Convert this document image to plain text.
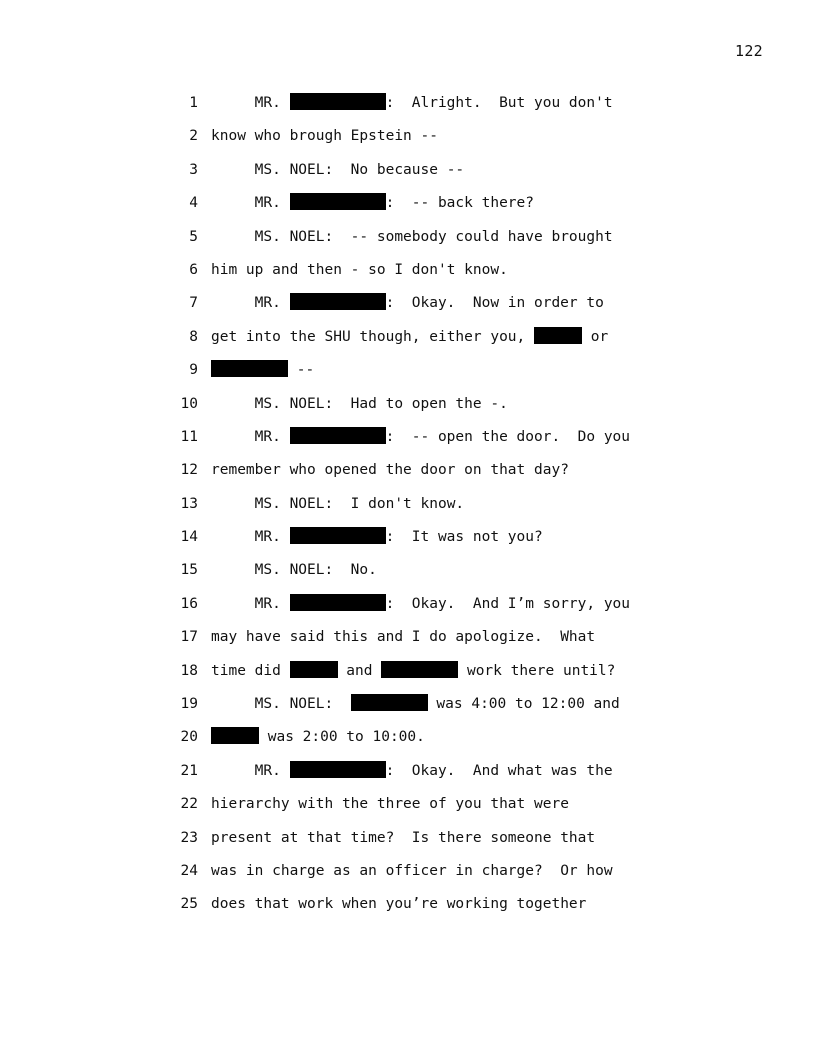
122
1 MR.	:  Alright.  But you don't
2 know who brough Epstein --
3 MS. NOEL:  No because --
4 MR.	:  -- back there?
5 MS. NOEL:  -- somebody could have brought
6 him up and then - so I don't know.
7 MR.	:  Okay.  Now in order to
8 get into the SHU though, either you,	or
9	--
10 MS. NOEL:  Had to open the -.
11 MR.	:  -- open the door.  Do you
12 remember who opened the door on that day?
13 MS. NOEL:  I don't know.
14 MR.	:  It was not you?
15 MS. NOEL:  No.
16 MR.	:  Okay.  And I’m sorry, you
17 may have said this and I do apologize.  What
18 time did	and	work there until?
19 MS. NOEL:	was 4:00 to 12:00 and
20	was 2:00 to 10:00.
21 MR.	:  Okay.  And what was the
22 hierarchy with the three of you that were
23 present at that time?  Is there someone that
24 was in charge as an officer in charge?  Or how
25 does that work when you’re working together
